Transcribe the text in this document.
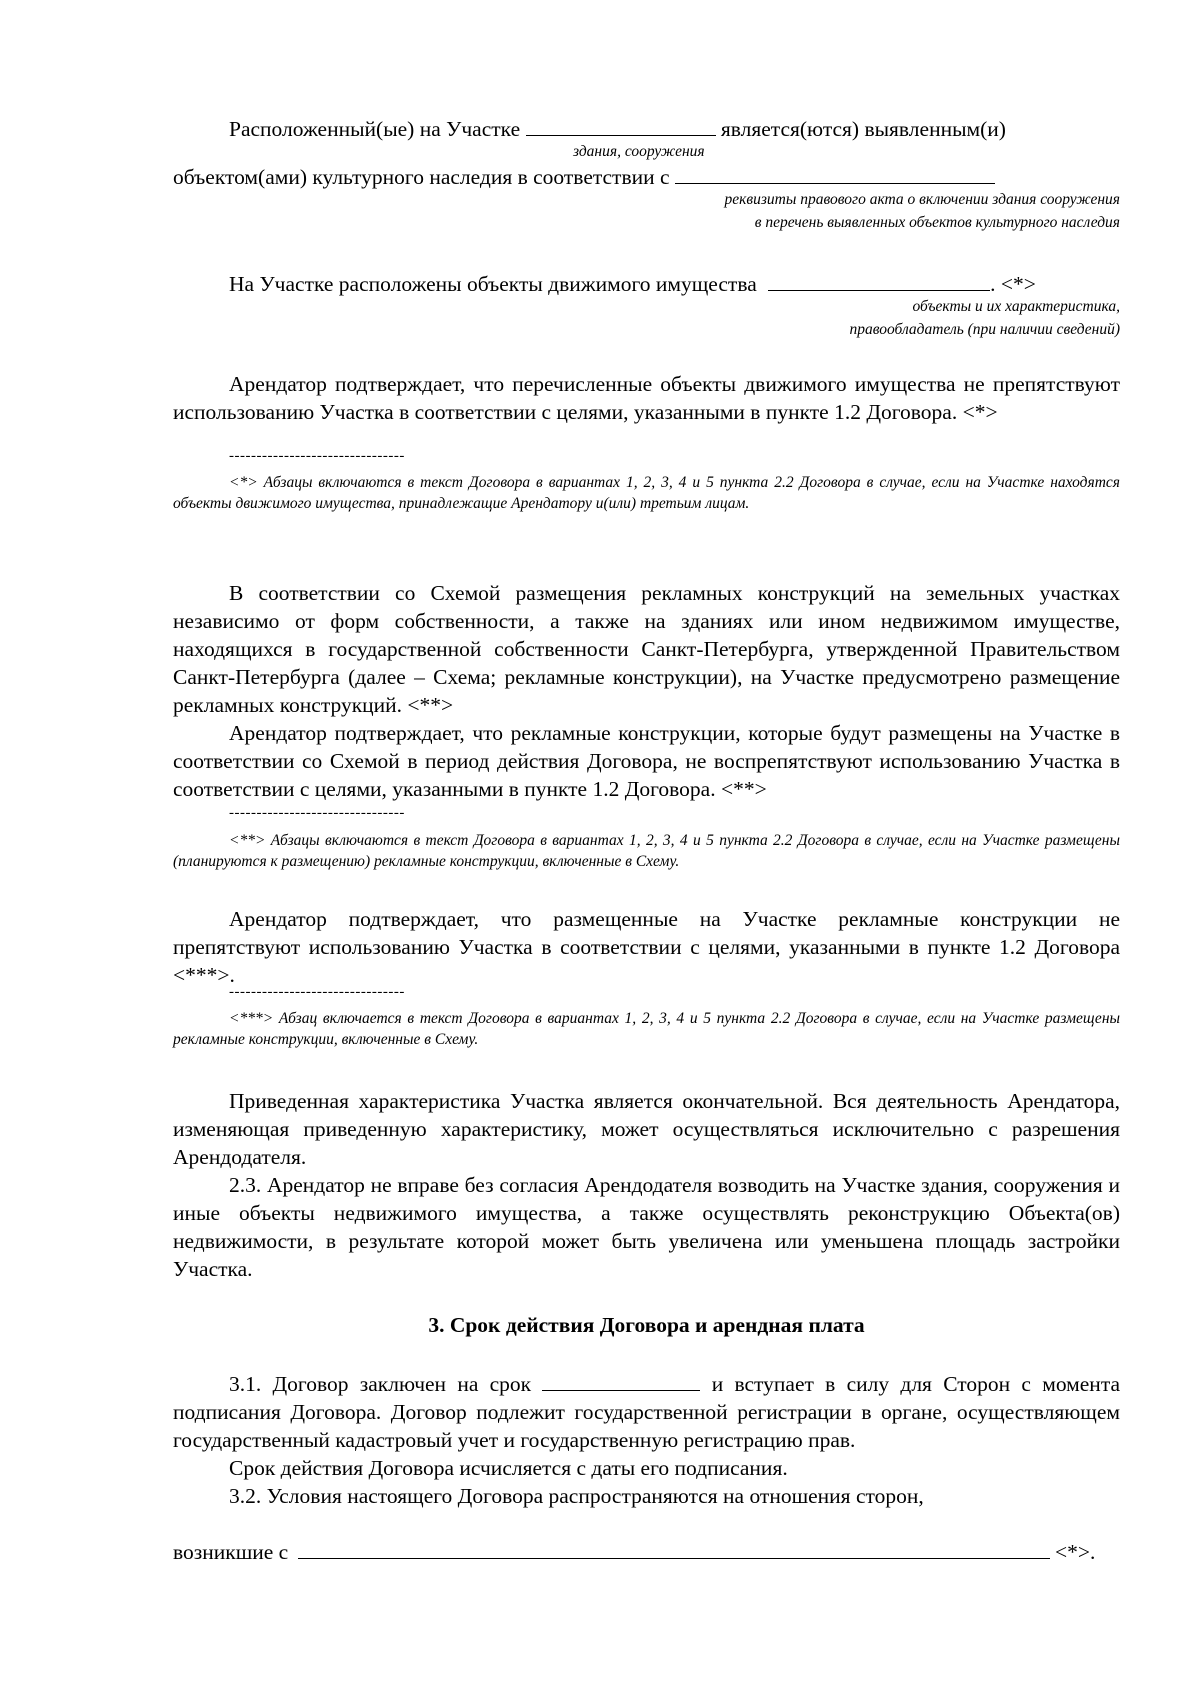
Расположенный(ые) на Участке	является(ются) выявленным(и)
здания, сооружения
объектом(ами) культурного наследия в соответствии с
реквизиты правового акта о включении здания сооружения
в перечень выявленных объектов культурного наследия
На Участке расположены объекты движимого имущества	. <*>
объекты и их характеристика,
правообладатель (при наличии сведений)

Арендатор подтверждает, что перечисленные объекты движимого имущества не препятствуют использованию Участка в соответствии с целями, указанными в пункте 1.2 Договора. <*>

--------------------------------

<*> Абзацы включаются в текст Договора в вариантах 1, 2, 3, 4 и 5 пункта 2.2 Договора в случае, если на Участке находятся объекты движимого имущества, принадлежащие Арендатору и(или) третьим лицам.

В соответствии со Схемой размещения рекламных конструкций на земельных участках независимо от форм собственности, а также на зданиях или ином недвижимом имуществе, находящихся в государственной собственности Санкт-Петербурга, утвержденной Правительством Санкт-Петербурга (далее – Схема; рекламные конструкции), на Участке предусмотрено размещение рекламных конструкций. <**>

Арендатор подтверждает, что рекламные конструкции, которые будут размещены на Участке в соответствии со Схемой в период действия Договора, не воспрепятствуют использованию Участка в соответствии с целями, указанными в пункте 1.2 Договора. <**>

--------------------------------

<**> Абзацы включаются в текст Договора в вариантах 1, 2, 3, 4 и 5 пункта 2.2 Договора в случае, если на Участке размещены (планируются к размещению) рекламные конструкции, включенные в Схему.

Арендатор подтверждает, что размещенные на Участке рекламные конструкции не препятствуют использованию Участка в соответствии с целями, указанными в пункте 1.2 Договора <***>.

--------------------------------

<***> Абзац включается в текст Договора в вариантах 1, 2, 3, 4 и 5 пункта 2.2 Договора в случае, если на Участке размещены рекламные конструкции, включенные в Схему.

Приведенная характеристика Участка является окончательной. Вся деятельность Арендатора, изменяющая приведенную характеристику, может осуществляться исключительно с разрешения Арендодателя.

2.3. Арендатор не вправе без согласия Арендодателя возводить на Участке здания, сооружения и иные объекты недвижимого имущества, а также осуществлять реконструкцию Объекта(ов) недвижимости, в результате которой может быть увеличена или уменьшена площадь застройки Участка.

3. Срок действия Договора и арендная плата

3.1. Договор заключен на срок	и вступает в силу для Сторон с момента подписания Договора. Договор подлежит государственной регистрации в органе, осуществляющем государственный кадастровый учет и государственную регистрацию прав.

Срок действия Договора исчисляется с даты его подписания.

3.2. Условия настоящего Договора распространяются на отношения сторон,

возникшие с	<*>.
